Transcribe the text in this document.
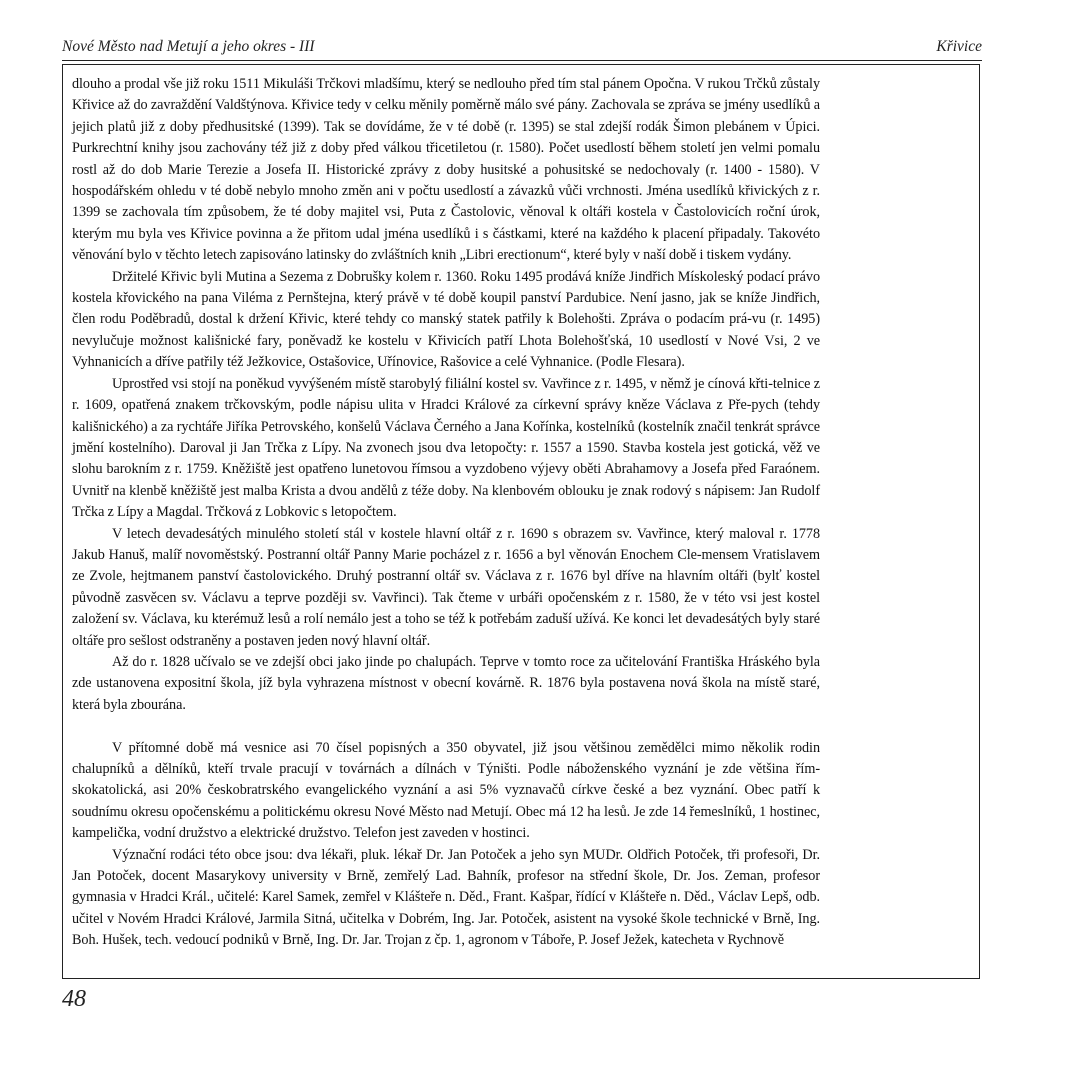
Nové Město nad Metují a jeho okres - III	Křivice

dlouho a prodal vše již roku 1511 Mikuláši Trčkovi mladšímu, který se nedlouho před tím stal pánem Opočna. V rukou Trčků zůstaly Křivice až do zavraždění Valdštýnova. Křivice tedy v celku měnily poměrně málo své pány. Zachovala se zpráva se jmény usedlíků a jejich platů již z doby předhusitské (1399). Tak se dovídáme, že v té době (r. 1395) se stal zdejší rodák Šimon plebánem v Úpici. Purkrechtní knihy jsou zachovány též již z doby před válkou třicetiletou (r. 1580). Počet usedlostí během století jen velmi pomalu rostl až do dob Marie Terezie a Josefa II. Historické zprávy z doby husitské a pohusitské se nedochovaly (r. 1400 - 1580). V hospodářském ohledu v té době nebylo mnoho změn ani v počtu usedlostí a závazků vůči vrchnosti. Jména usedlíků křivických z r. 1399 se zachovala tím způsobem, že té doby majitel vsi, Puta z Častolovic, věnoval k oltáři kostela v Častolovicích roční úrok, kterým mu byla ves Křivice povinna a že přitom udal jména usedlíků i s částkami, které na každého k placení připadaly. Takovéto věnování bylo v těchto letech zapisováno latinsky do zvláštních knih „Libri erectionum“, které byly v naší době i tiskem vydány.

Držitelé Křivic byli Mutina a Sezema z Dobrušky kolem r. 1360. Roku 1495 prodává kníže Jindřich Mískoleský podací právo kostela křovického na pana Viléma z Pernštejna, který právě v té době koupil panství Pardubice. Není jasno, jak se kníže Jindřich, člen rodu Poděbradů, dostal k držení Křivic, které tehdy co manský statek patřily k Bolehošti. Zpráva o podacím prá-vu (r. 1495) nevylučuje možnost kališnické fary, poněvadž ke kostelu v Křivicích patří Lhota Bolehošťská, 10 usedlostí v Nové Vsi, 2 ve Vyhnanicích a dříve patřily též Ježkovice, Ostašovice, Uřínovice, Rašovice a celé Vyhnanice. (Podle Flesara).

Uprostřed vsi stojí na poněkud vyvýšeném místě starobylý filiální kostel sv. Vavřince z r. 1495, v němž je cínová křti-telnice z r. 1609, opatřená znakem trčkovským, podle nápisu ulita v Hradci Králové za církevní správy kněze Václava z Pře-pych (tehdy kališnického) a za rychtáře Jiříka Petrovského, konšelů Václava Černého a Jana Kořínka, kostelníků (kostelník značil tenkrát správce jmění kostelního). Daroval ji Jan Trčka z Lípy. Na zvonech jsou dva letopočty: r. 1557 a 1590. Stavba kostela jest gotická, věž ve slohu barokním z r. 1759. Kněžiště jest opatřeno lunetovou římsou a vyzdobeno výjevy oběti Abrahamovy a Josefa před Faraónem. Uvnitř na klenbě kněžiště jest malba Krista a dvou andělů z téže doby. Na klenbovém oblouku je znak rodový s nápisem: Jan Rudolf Trčka z Lípy a Magdal. Trčková z Lobkovic s letopočtem.

V letech devadesátých minulého století stál v kostele hlavní oltář z r. 1690 s obrazem sv. Vavřince, který maloval r. 1778 Jakub Hanuš, malíř novoměstský. Postranní oltář Panny Marie pocházel z r. 1656 a byl věnován Enochem Cle-mensem Vratislavem ze Zvole, hejtmanem panství častolovického. Druhý postranní oltář sv. Václava z r. 1676 byl dříve na hlavním oltáři (bylť kostel původně zasvěcen sv. Václavu a teprve později sv. Vavřinci). Tak čteme v urbáři opočenském z r. 1580, že v této vsi jest kostel založení sv. Václava, ku kterémuž lesů a rolí nemálo jest a toho se též k potřebám zaduší užívá. Ke konci let devadesátých byly staré oltáře pro sešlost odstraněny a postaven jeden nový hlavní oltář.

Až do r. 1828 učívalo se ve zdejší obci jako jinde po chalupách. Teprve v tomto roce za učitelování Františka Hráského byla zde ustanovena expositní škola, jíž byla vyhrazena místnost v obecní kovárně. R. 1876 byla postavena nová škola na místě staré, která byla zbourána.

V přítomné době má vesnice asi 70 čísel popisných a 350 obyvatel, již jsou většinou zemědělci mimo několik rodin chalupníků a dělníků, kteří trvale pracují v továrnách a dílnách v Týništi. Podle náboženského vyznání je zde většina řím-skokatolická, asi 20% českobratrského evangelického vyznání a asi 5% vyznavačů církve české a bez vyznání. Obec patří k soudnímu okresu opočenskému a politickému okresu Nové Město nad Metují. Obec má 12 ha lesů. Je zde 14 řemeslníků, 1 hostinec, kampelička, vodní družstvo a elektrické družstvo. Telefon jest zaveden v hostinci.

Význační rodáci této obce jsou: dva lékaři, pluk. lékař Dr. Jan Potoček a jeho syn MUDr. Oldřich Potoček, tři profesoři, Dr. Jan Potoček, docent Masarykovy university v Brně, zemřelý Lad. Bahník, profesor na střední škole, Dr. Jos. Zeman, profesor gymnasia v Hradci Král., učitelé: Karel Samek, zemřel v Klášteře n. Děd., Frant. Kašpar, řídící v Klášteře n. Děd., Václav Lepš, odb. učitel v Novém Hradci Králové, Jarmila Sitná, učitelka v Dobrém, Ing. Jar. Potoček, asistent na vysoké škole technické v Brně, Ing. Boh. Hušek, tech. vedoucí podniků v Brně, Ing. Dr. Jar. Trojan z čp. 1, agronom v Táboře, P. Josef Ježek, katecheta v Rychnově

48
